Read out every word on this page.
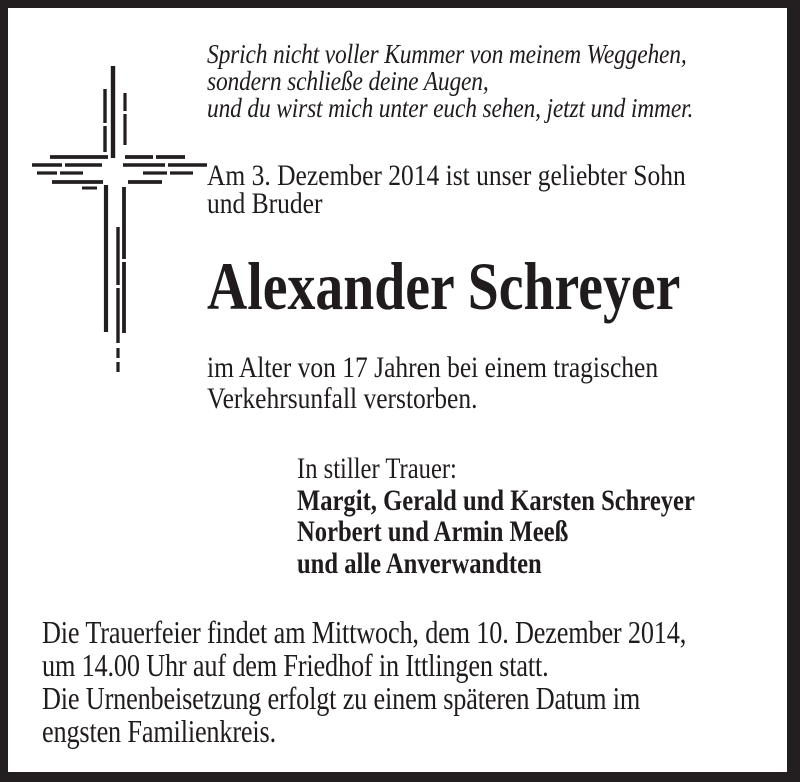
Sprich nicht voller Kummer von meinem Weggehen,
sondern schließe deine Augen,
und du wirst mich unter euch sehen, jetzt und immer.
Am 3. Dezember 2014 ist unser geliebter Sohn
und Bruder
Alexander Schreyer
im Alter von 17 Jahren bei einem tragischen
Verkehrsunfall verstorben.
In stiller Trauer:
Margit, Gerald und Karsten Schreyer
Norbert und Armin Meeß
und alle Anverwandten
Die Trauerfeier findet am Mittwoch, dem 10. Dezember 2014,
um 14.00 Uhr auf dem Friedhof in Ittlingen statt.
Die Urnenbeisetzung erfolgt zu einem späteren Datum im
engsten Familienkreis.
